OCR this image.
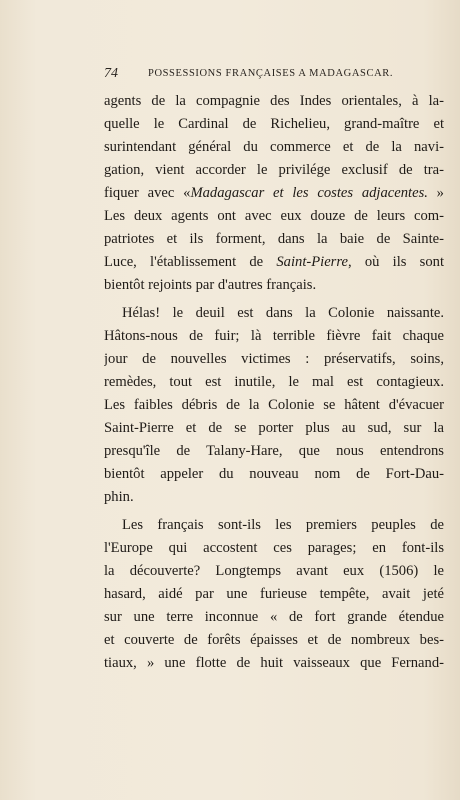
74	POSSESSIONS FRANÇAISES A MADAGASCAR.
agents de la compagnie des Indes orientales, à la-
quelle le Cardinal de Richelieu, grand-maître et
surintendant général du commerce et de la navi-
gation, vient accorder le privilége exclusif de tra-
fiquer avec «Madagascar et les costes adjacentes. »
Les deux agents ont avec eux douze de leurs com-
patriotes et ils forment, dans la baie de Sainte-
Luce, l'établissement de Saint-Pierre, où ils sont
bientôt rejoints par d'autres français.
Hélas! le deuil est dans la Colonie naissante.
Hâtons-nous de fuir; là terrible fièvre fait chaque
jour de nouvelles victimes : préservatifs, soins,
remèdes, tout est inutile, le mal est contagieux.
Les faibles débris de la Colonie se hâtent d'évacuer
Saint-Pierre et de se porter plus au sud, sur la
presqu'île de Talany-Hare, que nous entendrons
bientôt appeler du nouveau nom de Fort-Dau-
phin.
Les français sont-ils les premiers peuples de
l'Europe qui accostent ces parages; en font-ils
la découverte? Longtemps avant eux (1506) le
hasard, aidé par une furieuse tempête, avait jeté
sur une terre inconnue « de fort grande étendue
et couverte de forêts épaisses et de nombreux bes-
tiaux, » une flotte de huit vaisseaux que Fernand-
